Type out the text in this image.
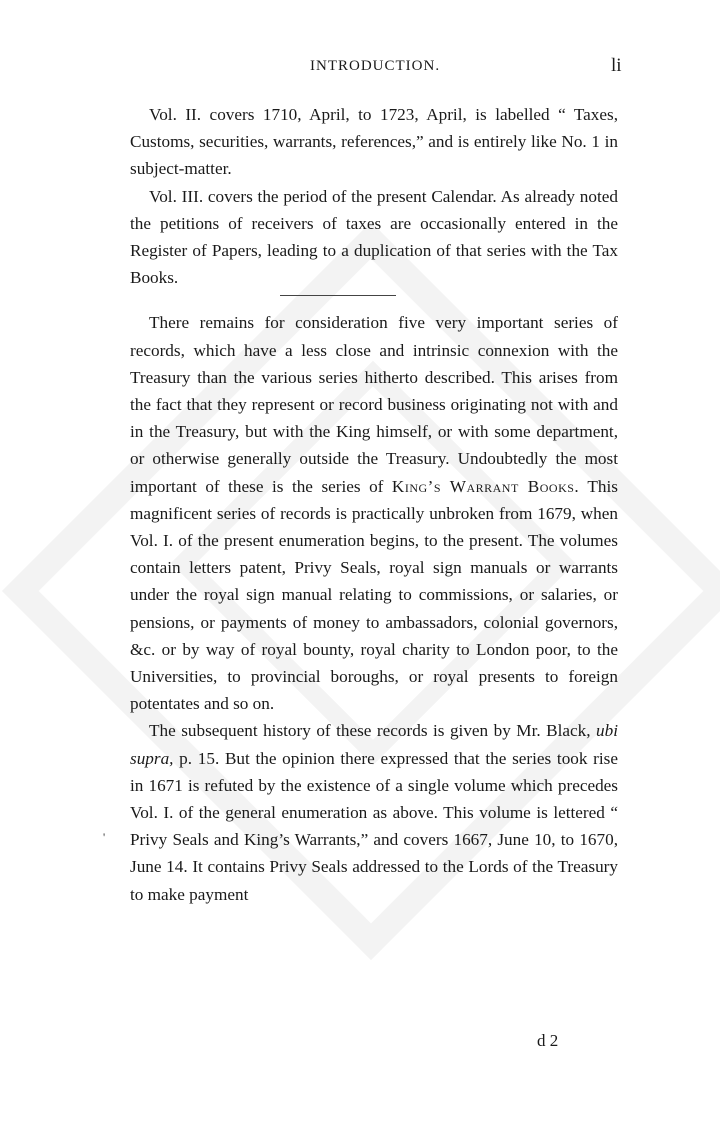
INTRODUCTION.	li

Vol. II. covers 1710, April, to 1723, April, is labelled “ Taxes, Customs, securities, warrants, references,” and is entirely like No. 1 in subject-matter.

Vol. III. covers the period of the present Calendar. As already noted the petitions of receivers of taxes are occasionally entered in the Register of Papers, leading to a duplication of that series with the Tax Books.

There remains for consideration five very important series of records, which have a less close and intrinsic connexion with the Treasury than the various series hitherto described. This arises from the fact that they represent or record business originating not with and in the Treasury, but with the King himself, or with some department, or otherwise generally outside the Treasury. Undoubtedly the most important of these is the series of King’s Warrant Books. This magnificent series of records is practically unbroken from 1679, when Vol. I. of the present enumeration begins, to the present. The volumes contain letters patent, Privy Seals, royal sign manuals or warrants under the royal sign manual relating to commissions, or salaries, or pensions, or payments of money to ambassadors, colonial governors, &c. or by way of royal bounty, royal charity to London poor, to the Universities, to provincial boroughs, or royal presents to foreign potentates and so on.

The subsequent history of these records is given by Mr. Black, ubi supra, p. 15. But the opinion there expressed that the series took rise in 1671 is refuted by the existence of a single volume which precedes Vol. I. of the general enumeration as above. This volume is lettered “ Privy Seals and King’s Warrants,” and covers 1667, June 10, to 1670, June 14. It contains Privy Seals addressed to the Lords of the Treasury to make payment

'
d 2
